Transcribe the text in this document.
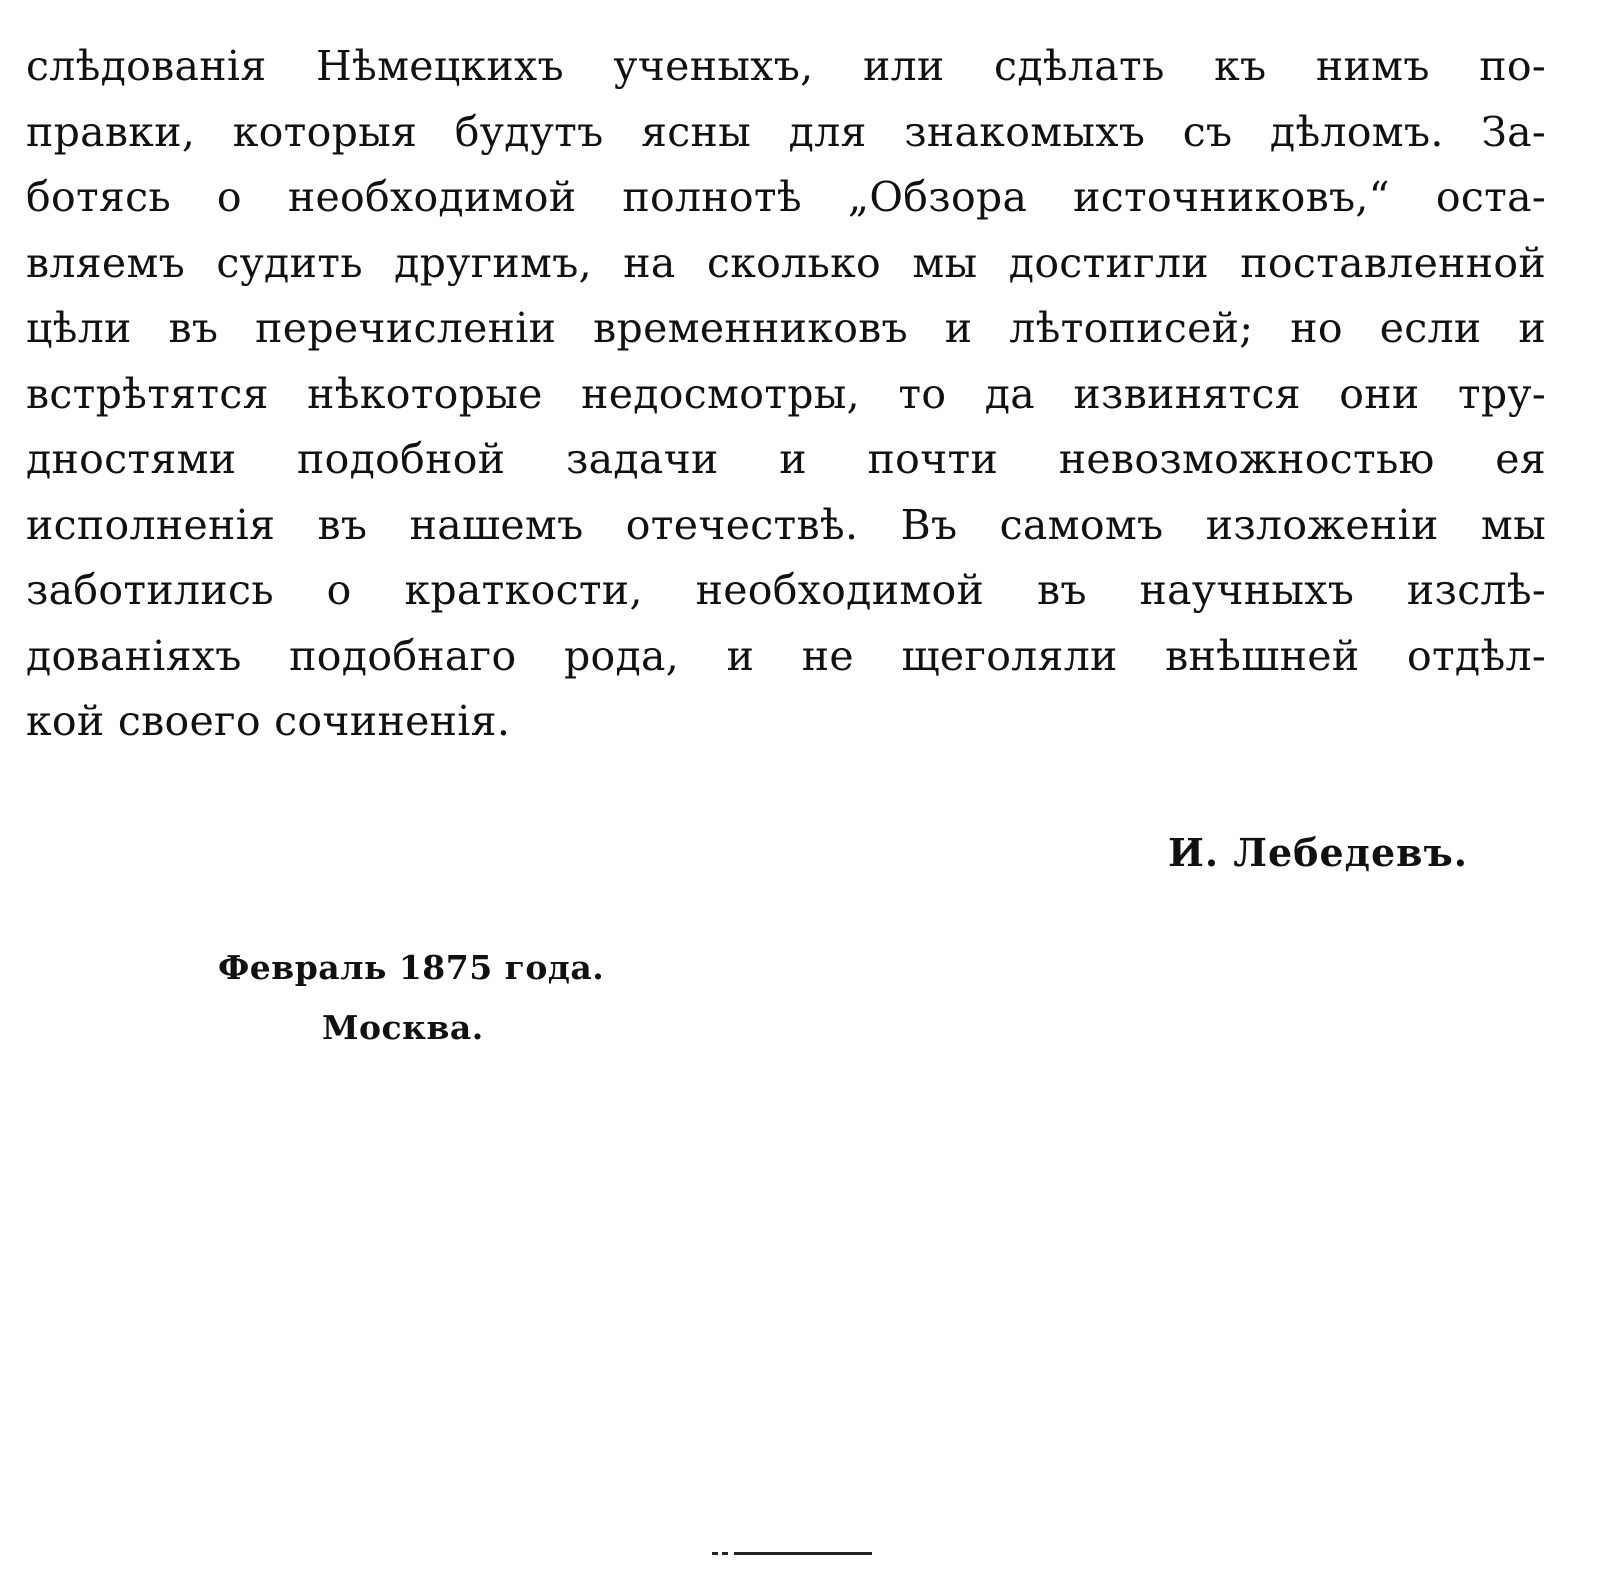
слѣдованія Нѣмецкихъ ученыхъ, или сдѣлать къ нимъ по-
правки, которыя будутъ ясны для знакомыхъ съ дѣломъ. За-
ботясь о необходимой полнотѣ „Обзора источниковъ,“ оста-
вляемъ судить другимъ, на сколько мы достигли поставленной
цѣли въ перечисленіи временниковъ и лѣтописей; но если и
встрѣтятся нѣкоторые недосмотры, то да извинятся они тру-
дностями подобной задачи и почти невозможностью ея
исполненія въ нашемъ отечествѣ. Въ самомъ изложеніи мы
заботились о краткости, необходимой въ научныхъ изслѣ-
дованіяхъ подобнаго рода, и не щеголяли внѣшней отдѣл-
кой своего сочиненія.
И. Лебедевъ.
Февраль 1875 года.
Москва.
